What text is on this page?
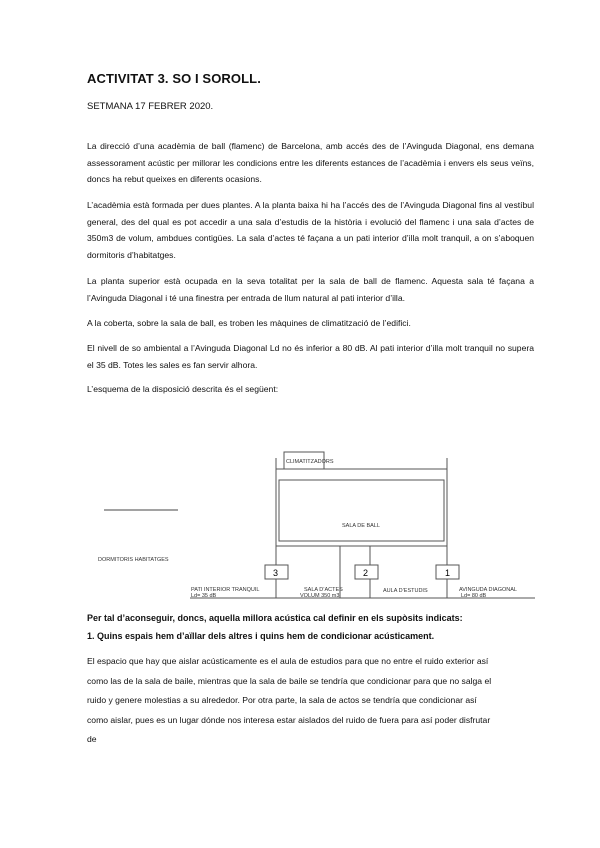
ACTIVITAT 3. SO I SOROLL.
SETMANA 17 FEBRER 2020.
La direcció d’una acadèmia de ball (flamenc) de Barcelona, amb accés des de l’Avinguda Diagonal, ens demana assessorament acústic per millorar les condicions entre les diferents estances de l’acadèmia i envers els seus veïns, doncs ha rebut queixes en diferents ocasions.
L’acadèmia està formada per dues plantes. A la planta baixa hi ha l’accés des de l’Avinguda Diagonal fins al vestíbul general, des del qual es pot accedir a una sala d’estudis de la història i evolució del flamenc i una sala d’actes de 350m3 de volum, ambdues contigües. La sala d’actes té façana a un pati interior d’illa molt tranquil, a on s’aboquen dormitoris d’habitatges.
La planta superior està ocupada en la seva totalitat per la sala de ball de flamenc. Aquesta sala té façana a l’Avinguda Diagonal i té una finestra per entrada de llum natural al pati interior d’illa.
A la coberta, sobre la sala de ball, es troben les màquines de climatització de l’edifici.
El nivell de so ambiental a l’Avinguda Diagonal Ld no és inferior a 80 dB. Al pati interior d’illa molt tranquil no supera el 35 dB. Totes les sales es fan servir alhora.
L’esquema de la disposició descrita és el següent:
CLIMATITZADORS
SALA DE BALL
DORMITORIS HABITATGES
3	2	1
PATI INTERIOR TRANQUIL
Ld= 35 dB
SALA D’ACTES
VOLUM 350 m3
AULA D’ESTUDIS	AVINGUDA DIAGONAL
Ld= 80 dB
Per tal d’aconseguir, doncs, aquella millora acústica cal definir en els supòsits indicats:
1. Quins espais hem d’aïllar dels altres i quins hem de condicionar acústicament.
El espacio que hay que aislar acústicamente es el aula de estudios para que no entre el ruido exterior así como las de la sala de baile, mientras que la sala de baile se tendría que condicionar para que no salga el ruido y genere molestias a su alrededor. Por otra parte, la sala de actos se tendría que condicionar así como aislar, pues es un lugar dónde nos interesa estar aislados del ruido de fuera para así poder disfrutar de
